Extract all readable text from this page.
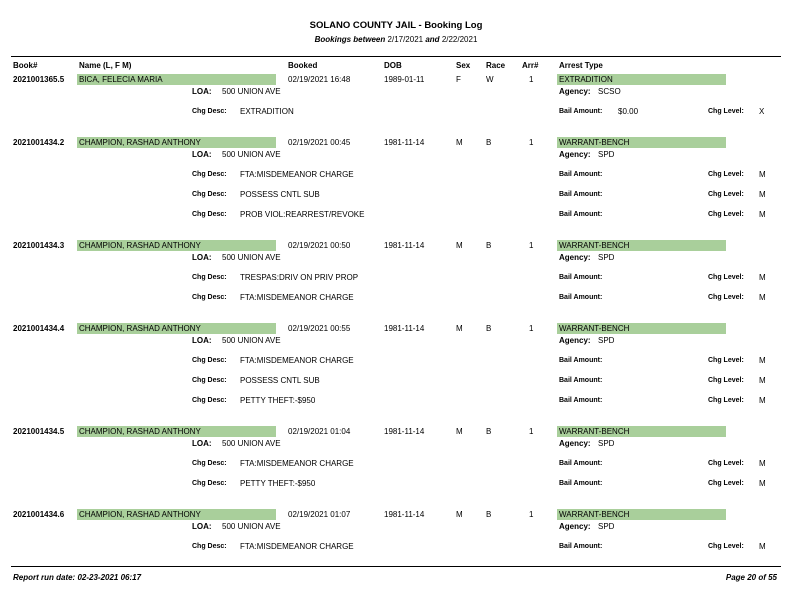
SOLANO COUNTY JAIL - Booking Log
Bookings between 2/17/2021 and 2/22/2021
Book#	Name (L, F M)	Booked	DOB	Sex Race Arr#	Arrest Type
2021001365.5 BICA, FELECIA MARIA	02/19/2021 16:48	1989-01-11	F	W	1	EXTRADITION
LOA: 500 UNION AVE	Agency: SCSO
Chg Desc: EXTRADITION	Bail Amount: $0.00	Chg Level: X
2021001434.2 CHAMPION, RASHAD ANTHONY	02/19/2021 00:45	1981-11-14	M	B	1	WARRANT-BENCH
LOA: 500 UNION AVE	Agency: SPD
Chg Desc: FTA:MISDEMEANOR CHARGE	Bail Amount:	Chg Level: M
Chg Desc: POSSESS CNTL SUB	Bail Amount:	Chg Level: M
Chg Desc: PROB VIOL:REARREST/REVOKE	Bail Amount:	Chg Level: M
2021001434.3 CHAMPION, RASHAD ANTHONY	02/19/2021 00:50	1981-11-14	M	B	1	WARRANT-BENCH
LOA: 500 UNION AVE	Agency: SPD
Chg Desc: TRESPAS:DRIV ON PRIV PROP	Bail Amount:	Chg Level: M
Chg Desc: FTA:MISDEMEANOR CHARGE	Bail Amount:	Chg Level: M
2021001434.4 CHAMPION, RASHAD ANTHONY	02/19/2021 00:55	1981-11-14	M	B	1	WARRANT-BENCH
LOA: 500 UNION AVE	Agency: SPD
Chg Desc: FTA:MISDEMEANOR CHARGE	Bail Amount:	Chg Level: M
Chg Desc: POSSESS CNTL SUB	Bail Amount:	Chg Level: M
Chg Desc: PETTY THEFT:-$950	Bail Amount:	Chg Level: M
2021001434.5 CHAMPION, RASHAD ANTHONY	02/19/2021 01:04	1981-11-14	M	B	1	WARRANT-BENCH
LOA: 500 UNION AVE	Agency: SPD
Chg Desc: FTA:MISDEMEANOR CHARGE	Bail Amount:	Chg Level: M
Chg Desc: PETTY THEFT:-$950	Bail Amount:	Chg Level: M
2021001434.6 CHAMPION, RASHAD ANTHONY	02/19/2021 01:07	1981-11-14	M	B	1	WARRANT-BENCH
LOA: 500 UNION AVE	Agency: SPD
Chg Desc: FTA:MISDEMEANOR CHARGE	Bail Amount:	Chg Level: M
Report run date: 02-23-2021 06:17	Page 20 of 55
